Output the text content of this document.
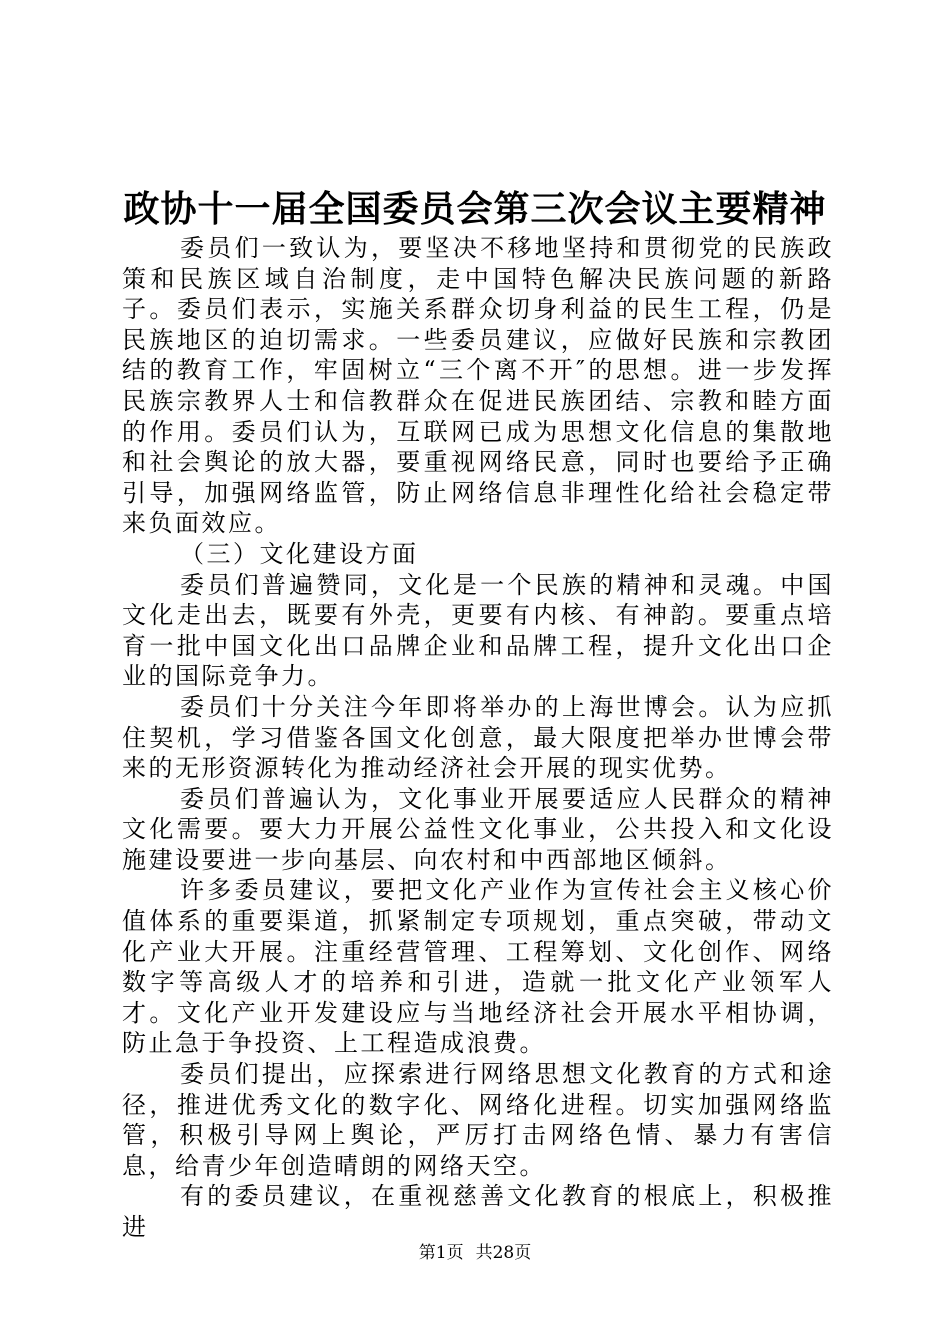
政协十一届全国委员会第三次会议主要精神

委员们一致认为，要坚决不移地坚持和贯彻党的民族政策和民族区域自治制度，走中国特色解决民族问题的新路子。委员们表示，实施关系群众切身利益的民生工程，仍是民族地区的迫切需求。一些委员建议，应做好民族和宗教团结的教育工作，牢固树立“三个离不开″的思想。进一步发挥民族宗教界人士和信教群众在促进民族团结、宗教和睦方面的作用。委员们认为，互联网已成为思想文化信息的集散地和社会舆论的放大器，要重视网络民意，同时也要给予正确引导，加强网络监管，防止网络信息非理性化给社会稳定带来负面效应。

（三）文化建设方面

委员们普遍赞同，文化是一个民族的精神和灵魂。中国文化走出去，既要有外壳，更要有内核、有神韵。要重点培育一批中国文化出口品牌企业和品牌工程，提升文化出口企业的国际竞争力。

委员们十分关注今年即将举办的上海世博会。认为应抓住契机，学习借鉴各国文化创意，最大限度把举办世博会带来的无形资源转化为推动经济社会开展的现实优势。

委员们普遍认为，文化事业开展要适应人民群众的精神文化需要。要大力开展公益性文化事业，公共投入和文化设施建设要进一步向基层、向农村和中西部地区倾斜。

许多委员建议，要把文化产业作为宣传社会主义核心价值体系的重要渠道，抓紧制定专项规划，重点突破，带动文化产业大开展。注重经营管理、工程筹划、文化创作、网络数字等高级人才的培养和引进，造就一批文化产业领军人才。文化产业开发建设应与当地经济社会开展水平相协调，防止急于争投资、上工程造成浪费。

委员们提出，应探索进行网络思想文化教育的方式和途径，推进优秀文化的数字化、网络化进程。切实加强网络监管，积极引导网上舆论，严厉打击网络色情、暴力有害信息，给青少年创造晴朗的网络天空。

有的委员建议，在重视慈善文化教育的根底上，积极推进

第1页 共28页
